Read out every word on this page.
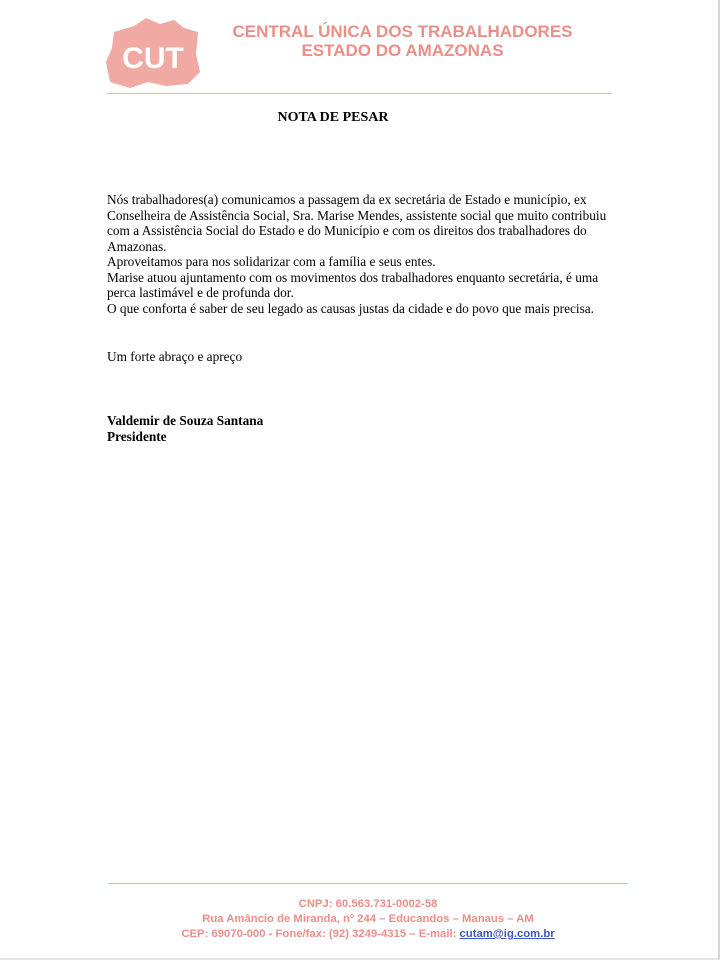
CUT
CENTRAL ÚNICA DOS TRABALHADORES
ESTADO DO AMAZONAS
NOTA DE PESAR

Nós trabalhadores(a) comunicamos a passagem da ex secretária de Estado e município, ex Conselheira de Assistência Social, Sra. Marise Mendes, assistente social que muito contribuiu com a Assistência Social do Estado e do Município e com os direitos dos trabalhadores do Amazonas.

Aproveitamos para nos solidarizar com a família e seus entes.

Marise atuou ajuntamento com os movimentos dos trabalhadores enquanto secretária, é uma perca lastimável e de profunda dor.

O que conforta é saber de seu legado as causas justas da cidade e do povo que mais precisa.

Um forte abraço e apreço
Valdemir de Souza Santana
Presidente
CNPJ: 60.563.731-0002-58
Rua Amâncio de Miranda, nº 244 – Educandos – Manaus – AM
CEP: 69070-000 - Fone/fax: (92) 3249-4315 – E-mail: cutam@ig.com.br
